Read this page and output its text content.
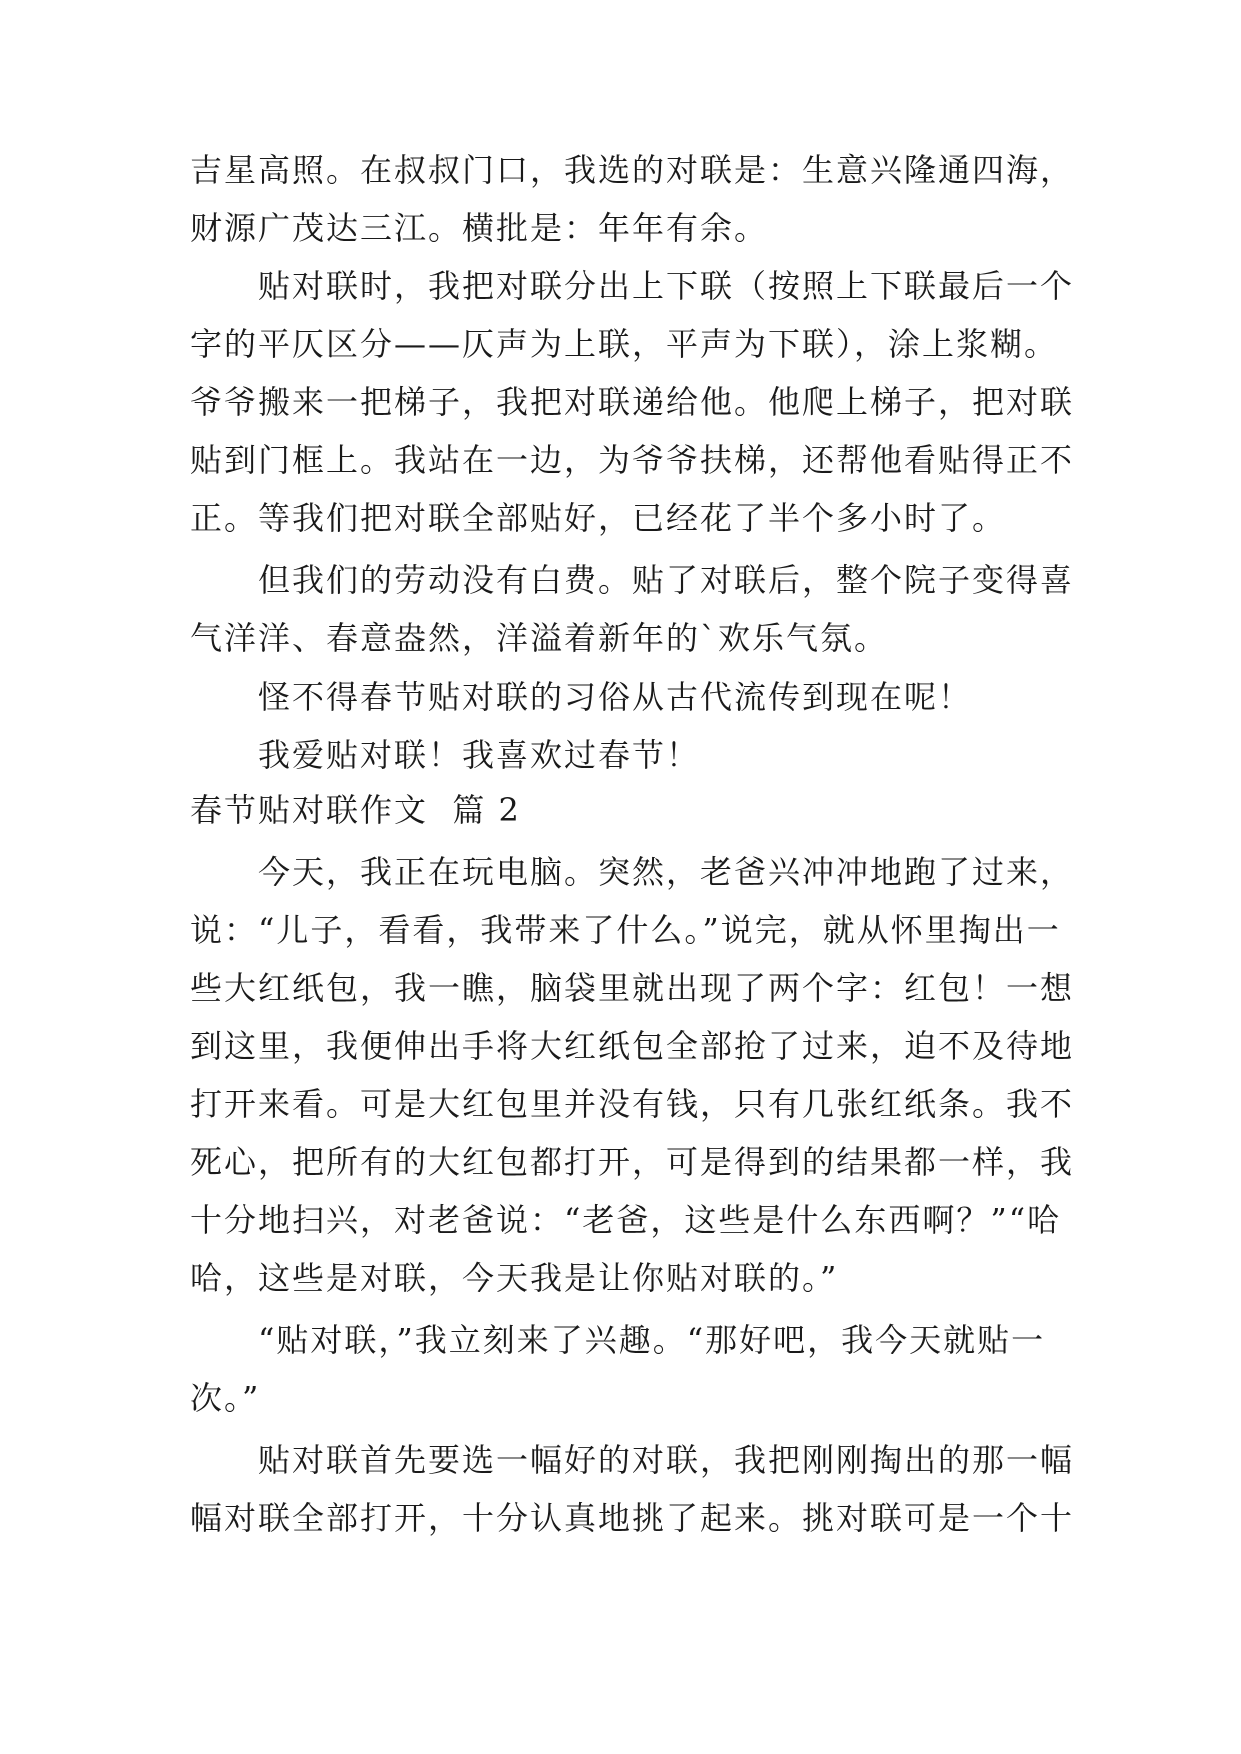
吉星高照。在叔叔门口，我选的对联是：生意兴隆通四海，
财源广茂达三江。横批是：年年有余。
　　贴对联时，我把对联分出上下联（按照上下联最后一个
字的平仄区分——仄声为上联，平声为下联），涂上浆糊。
爷爷搬来一把梯子，我把对联递给他。他爬上梯子，把对联
贴到门框上。我站在一边，为爷爷扶梯，还帮他看贴得正不
正。等我们把对联全部贴好，已经花了半个多小时了。
　　但我们的劳动没有白费。贴了对联后，整个院子变得喜
气洋洋、春意盎然，洋溢着新年的`欢乐气氛。
　　怪不得春节贴对联的习俗从古代流传到现在呢！
　　我爱贴对联！我喜欢过春节！
春节贴对联作文  篇 2
　　今天，我正在玩电脑。突然，老爸兴冲冲地跑了过来，
说：“儿子，看看，我带来了什么。”说完，就从怀里掏出一
些大红纸包，我一瞧，脑袋里就出现了两个字：红包！一想
到这里，我便伸出手将大红纸包全部抢了过来，迫不及待地
打开来看。可是大红包里并没有钱，只有几张红纸条。我不
死心，把所有的大红包都打开，可是得到的结果都一样，我
十分地扫兴，对老爸说：“老爸，这些是什么东西啊？”“哈
哈，这些是对联，今天我是让你贴对联的。”
　　“贴对联，”我立刻来了兴趣。“那好吧，我今天就贴一
次。”
　　贴对联首先要选一幅好的对联，我把刚刚掏出的那一幅
幅对联全部打开，十分认真地挑了起来。挑对联可是一个十
